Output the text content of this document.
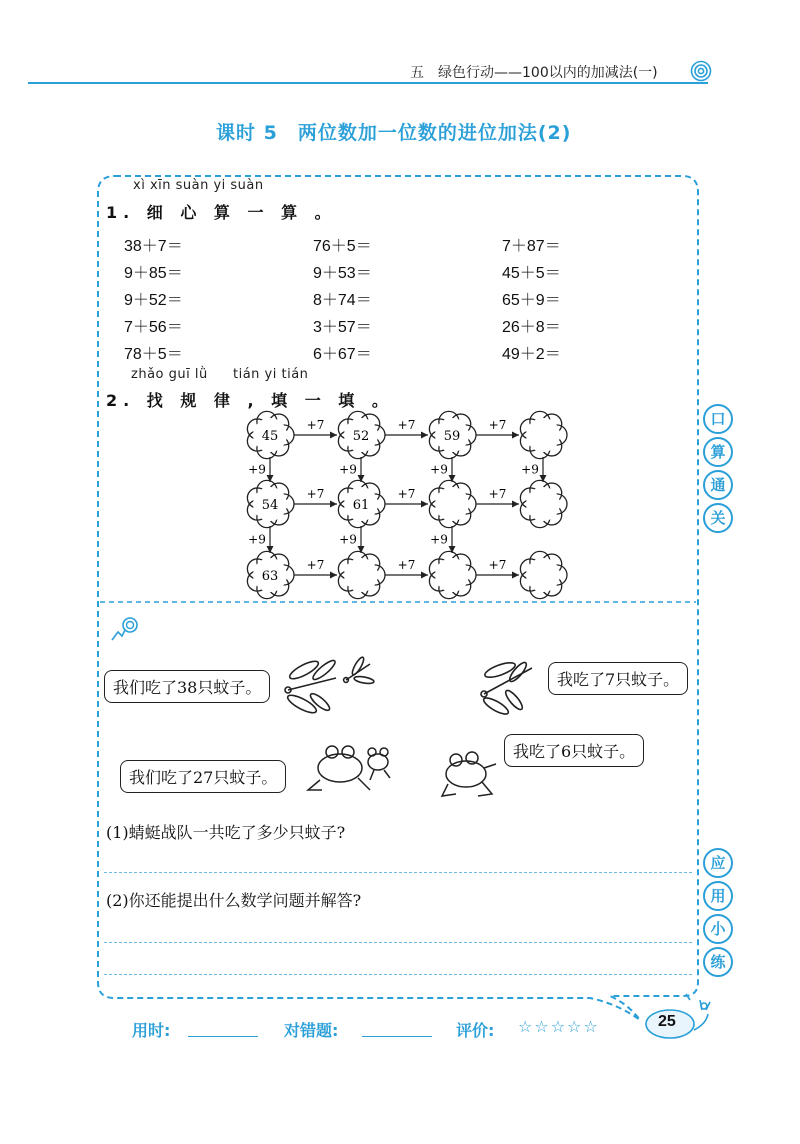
五　绿色行动——100以内的加减法(一)
课时 5　两位数加一位数的进位加法(2)
口
算
通
关
应
用
小
练
xì xīn suàn yi suàn
1. 细 心 算 一 算 。
38＋7＝	76＋5＝	7＋87＝
9＋85＝	9＋53＝	45＋5＝
9＋52＝	8＋74＝	65＋9＝
7＋56＝	3＋57＝	26＋8＝
78＋5＝	6＋67＝	49＋2＝
zhǎo guī lǜ tián yi tián
2. 找 规 律 , 填 一 填 。
+7	+7	+7
+7	+7	+7
+7	+7	+7
+9
+9
+9
+9
+9
+9
+9
45	52	59
54	61
63
我们吃了38只蚊子。	我吃了7只蚊子。
我们吃了27只蚊子。
我吃了6只蚊子。
(1)蜻蜓战队一共吃了多少只蚊子?
(2)你还能提出什么数学问题并解答?
用时:	对错题:	评价: ☆☆☆☆☆	25
